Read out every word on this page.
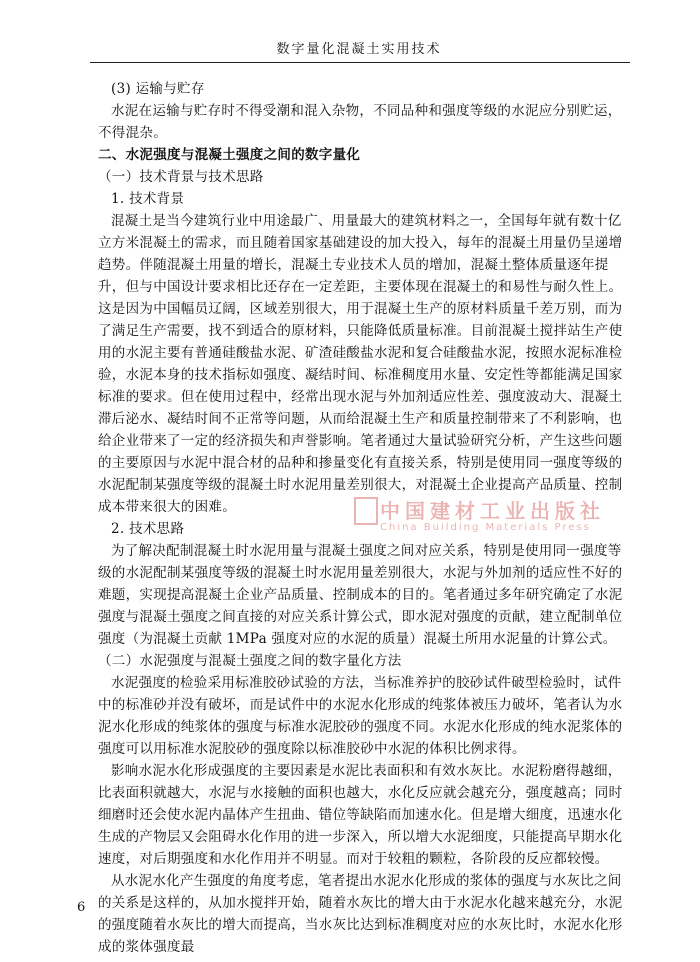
数字量化混凝土实用技术

(3) 运输与贮存

水泥在运输与贮存时不得受潮和混入杂物，不同品种和强度等级的水泥应分别贮运，不得混杂。

二、水泥强度与混凝土强度之间的数字量化

（一）技术背景与技术思路

1. 技术背景

混凝土是当今建筑行业中用途最广、用量最大的建筑材料之一，全国每年就有数十亿立方米混凝土的需求，而且随着国家基础建设的加大投入，每年的混凝土用量仍呈递增趋势。伴随混凝土用量的增长，混凝土专业技术人员的增加，混凝土整体质量逐年提升，但与中国设计要求相比还存在一定差距，主要体现在混凝土的和易性与耐久性上。这是因为中国幅员辽阔，区域差别很大，用于混凝土生产的原材料质量千差万别，而为了满足生产需要，找不到适合的原材料，只能降低质量标准。目前混凝土搅拌站生产使用的水泥主要有普通硅酸盐水泥、矿渣硅酸盐水泥和复合硅酸盐水泥，按照水泥标准检验，水泥本身的技术指标如强度、凝结时间、标准稠度用水量、安定性等都能满足国家标准的要求。但在使用过程中，经常出现水泥与外加剂适应性差、强度波动大、混凝土滞后泌水、凝结时间不正常等问题，从而给混凝土生产和质量控制带来了不利影响，也给企业带来了一定的经济损失和声誉影响。笔者通过大量试验研究分析，产生这些问题的主要原因与水泥中混合材的品种和掺量变化有直接关系，特别是使用同一强度等级的水泥配制某强度等级的混凝土时水泥用量差别很大，对混凝土企业提高产品质量、控制成本带来很大的困难。

2. 技术思路

为了解决配制混凝土时水泥用量与混凝土强度之间对应关系，特别是使用同一强度等级的水泥配制某强度等级的混凝土时水泥用量差别很大，水泥与外加剂的适应性不好的难题，实现提高混凝土企业产品质量、控制成本的目的。笔者通过多年研究确定了水泥强度与混凝土强度之间直接的对应关系计算公式，即水泥对强度的贡献，建立配制单位强度（为混凝土贡献 1MPa 强度对应的水泥的质量）混凝土所用水泥量的计算公式。

（二）水泥强度与混凝土强度之间的数字量化方法

水泥强度的检验采用标准胶砂试验的方法，当标准养护的胶砂试件破型检验时，试件中的标准砂并没有破坏，而是试件中的水泥水化形成的纯浆体被压力破坏，笔者认为水泥水化形成的纯浆体的强度与标准水泥胶砂的强度不同。水泥水化形成的纯水泥浆体的强度可以用标准水泥胶砂的强度除以标准胶砂中水泥的体积比例求得。

影响水泥水化形成强度的主要因素是水泥比表面积和有效水灰比。水泥粉磨得越细，比表面积就越大，水泥与水接触的面积也越大，水化反应就会越充分，强度越高；同时细磨时还会使水泥内晶体产生扭曲、错位等缺陷而加速水化。但是增大细度，迅速水化生成的产物层又会阻碍水化作用的进一步深入，所以增大水泥细度，只能提高早期水化速度，对后期强度和水化作用并不明显。而对于较粗的颗粒，各阶段的反应都较慢。

从水泥水化产生强度的角度考虑，笔者提出水泥水化形成的浆体的强度与水灰比之间的关系是这样的，从加水搅拌开始，随着水灰比的增大由于水泥水化越来越充分，水泥的强度随着水灰比的增大而提高，当水灰比达到标准稠度对应的水灰比时，水泥水化形成的浆体强度最

中国建材工业出版社
China Building Materials Press
6
